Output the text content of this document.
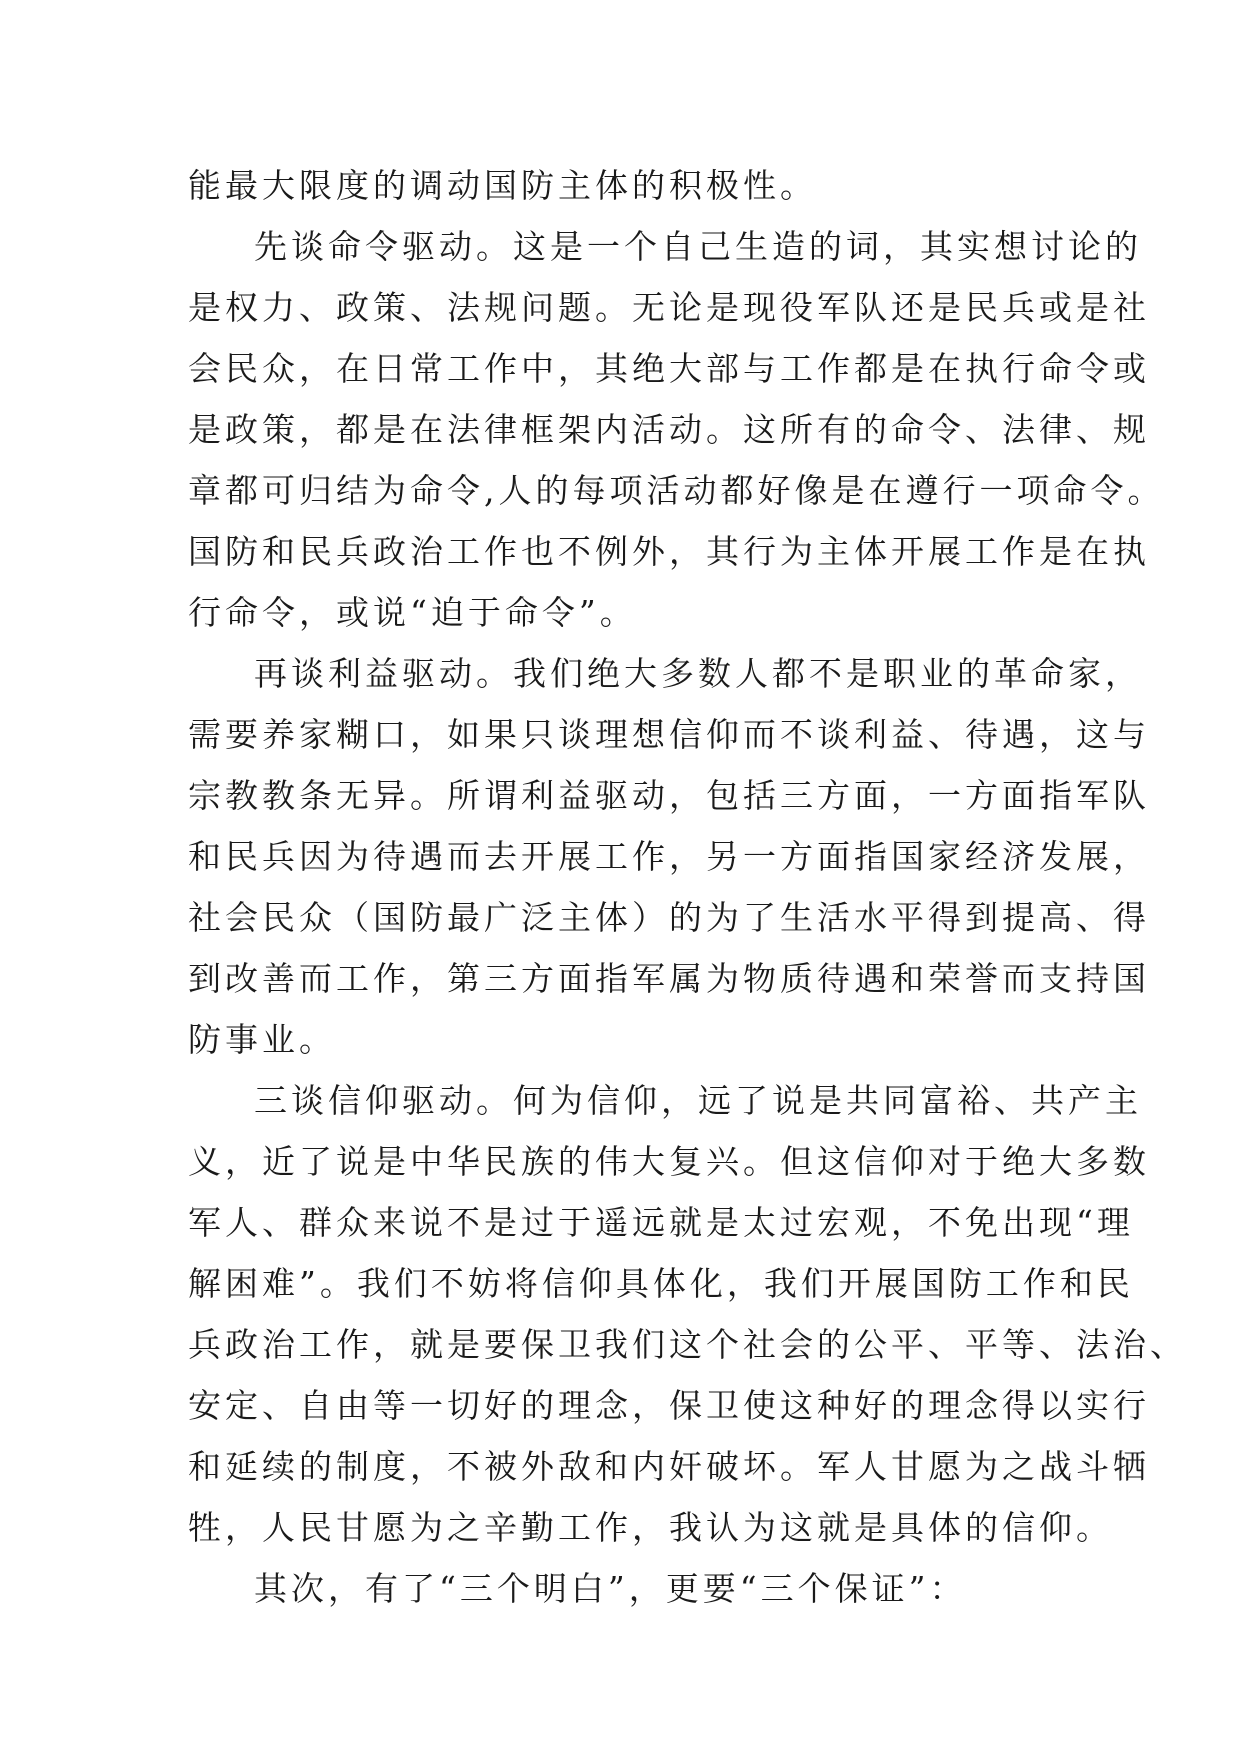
能最大限度的调动国防主体的积极性。
先谈命令驱动。这是一个自己生造的词，其实想讨论的
是权力、政策、法规问题。无论是现役军队还是民兵或是社
会民众，在日常工作中，其绝大部与工作都是在执行命令或
是政策，都是在法律框架内活动。这所有的命令、法律、规
章都可归结为命令,人的每项活动都好像是在遵行一项命令。
国防和民兵政治工作也不例外，其行为主体开展工作是在执
行命令，或说“迫于命令”。
再谈利益驱动。我们绝大多数人都不是职业的革命家，
需要养家糊口，如果只谈理想信仰而不谈利益、待遇，这与
宗教教条无异。所谓利益驱动，包括三方面，一方面指军队
和民兵因为待遇而去开展工作，另一方面指国家经济发展，
社会民众（国防最广泛主体）的为了生活水平得到提高、得
到改善而工作，第三方面指军属为物质待遇和荣誉而支持国
防事业。
三谈信仰驱动。何为信仰，远了说是共同富裕、共产主
义，近了说是中华民族的伟大复兴。但这信仰对于绝大多数
军人、群众来说不是过于遥远就是太过宏观，不免出现“理
解困难”。我们不妨将信仰具体化，我们开展国防工作和民
兵政治工作，就是要保卫我们这个社会的公平、平等、法治、
安定、自由等一切好的理念，保卫使这种好的理念得以实行
和延续的制度，不被外敌和内奸破坏。军人甘愿为之战斗牺
牲，人民甘愿为之辛勤工作，我认为这就是具体的信仰。
其次，有了“三个明白”，更要“三个保证”：
